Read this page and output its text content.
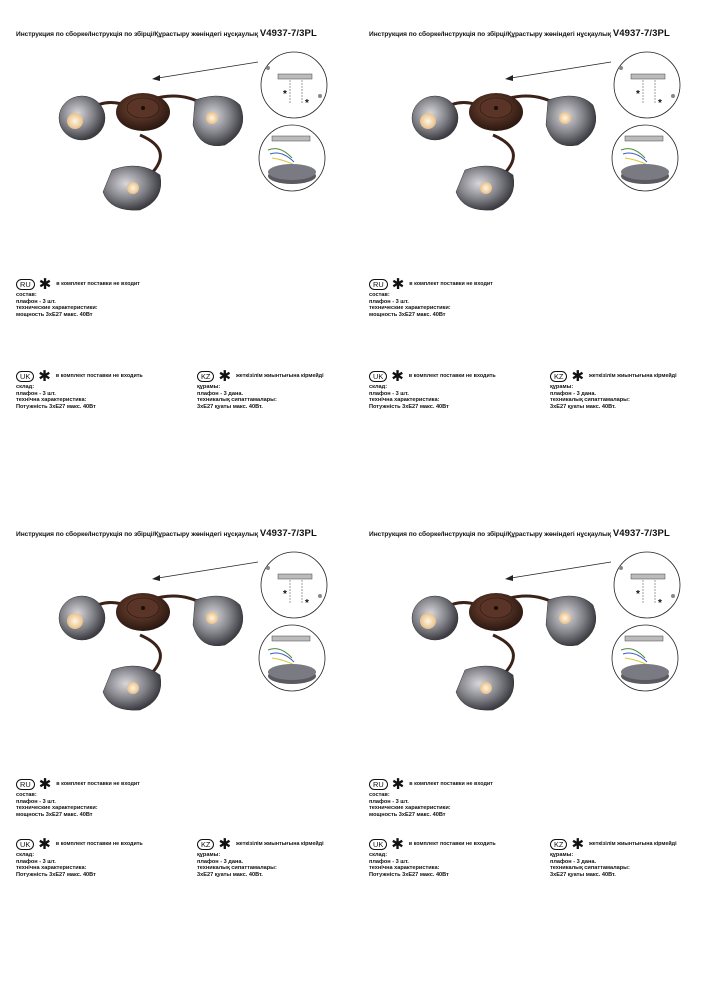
Инструкция по сборке/Інструкція по збірці/Құрастыру жөніндегі нұсқаулық V4937-7/3PL
*
*
RU ✱ в комплект поставки не входит
состав:
плафон - 3 шт.
технические характеристики:
мощность 3хЕ27 макс. 40Вт
UK ✱ в комплект поставки не входить
склад:
плафон - 3 шт.
технічна характеристика:
Потужність 3хЕ27 макс. 40Вт
KZ ✱ жеткізілім жиынтығына кірмейді
құрамы:
плафон - 3 дана.
техникалық сипаттамалары:
3хЕ27 қуаты макс. 40Вт.
Инструкция по сборке/Інструкція по збірці/Құрастыру жөніндегі нұсқаулық V4937-7/3PL
*
*
RU ✱ в комплект поставки не входит
состав:
плафон - 3 шт.
технические характеристики:
мощность 3хЕ27 макс. 40Вт
UK ✱ в комплект поставки не входить
склад:
плафон - 3 шт.
технічна характеристика:
Потужність 3хЕ27 макс. 40Вт
KZ ✱ жеткізілім жиынтығына кірмейді
құрамы:
плафон - 3 дана.
техникалық сипаттамалары:
3хЕ27 қуаты макс. 40Вт.
Инструкция по сборке/Інструкція по збірці/Құрастыру жөніндегі нұсқаулық V4937-7/3PL
*
*
RU ✱ в комплект поставки не входит
состав:
плафон - 3 шт.
технические характеристики:
мощность 3хЕ27 макс. 40Вт
UK ✱ в комплект поставки не входить
склад:
плафон - 3 шт.
технічна характеристика:
Потужність 3хЕ27 макс. 40Вт
KZ ✱ жеткізілім жиынтығына кірмейді
құрамы:
плафон - 3 дана.
техникалық сипаттамалары:
3хЕ27 қуаты макс. 40Вт.
Инструкция по сборке/Інструкція по збірці/Құрастыру жөніндегі нұсқаулық V4937-7/3PL
*
*
RU ✱ в комплект поставки не входит
состав:
плафон - 3 шт.
технические характеристики:
мощность 3хЕ27 макс. 40Вт
UK ✱ в комплект поставки не входить
склад:
плафон - 3 шт.
технічна характеристика:
Потужність 3хЕ27 макс. 40Вт
KZ ✱ жеткізілім жиынтығына кірмейді
құрамы:
плафон - 3 дана.
техникалық сипаттамалары:
3хЕ27 қуаты макс. 40Вт.
